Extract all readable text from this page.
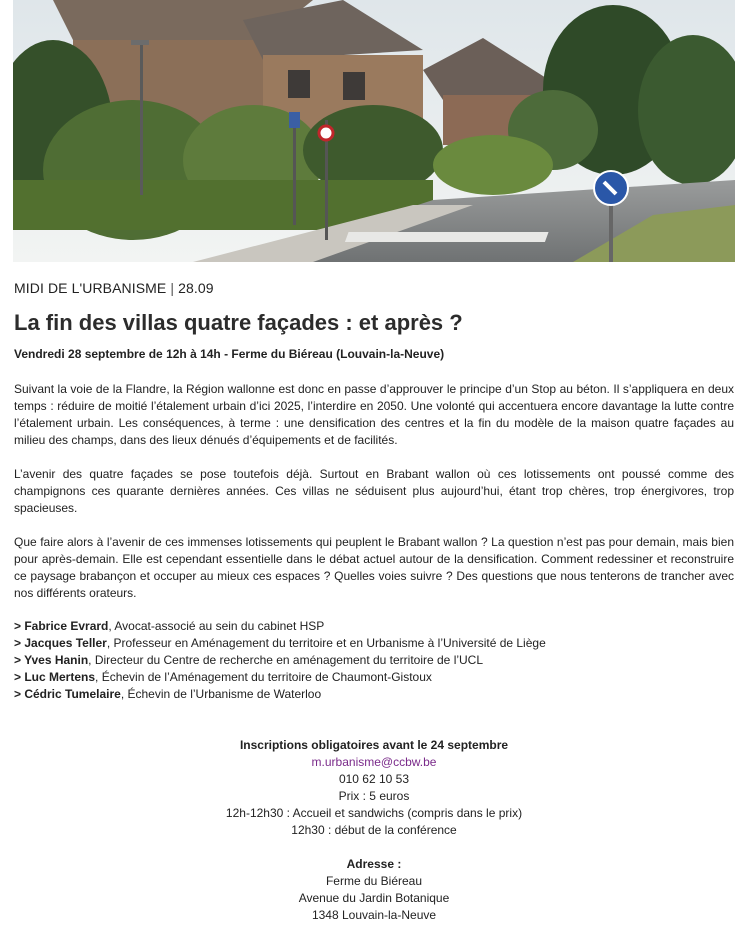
MIDI DE L'URBANISME | 28.09
La fin des villas quatre façades : et après ?
Vendredi 28 septembre de 12h à 14h - Ferme du Biéreau (Louvain-la-Neuve)

Suivant la voie de la Flandre, la Région wallonne est donc en passe d’approuver le principe d’un Stop au béton. Il s’appliquera en deux temps : réduire de moitié l’étalement urbain d’ici 2025, l’interdire en 2050. Une volonté qui accentuera encore davantage la lutte contre l’étalement urbain. Les conséquences, à terme : une densification des centres et la fin du modèle de la maison quatre façades au milieu des champs, dans des lieux dénués d’équipements et de facilités.

L’avenir des quatre façades se pose toutefois déjà. Surtout en Brabant wallon où ces lotissements ont poussé comme des champignons ces quarante dernières années. Ces villas ne séduisent plus aujourd’hui, étant trop chères, trop énergivores, trop spacieuses.

Que faire alors à l’avenir de ces immenses lotissements qui peuplent le Brabant wallon ? La question n’est pas pour demain, mais bien pour après-demain. Elle est cependant essentielle dans le débat actuel autour de la densification. Comment redessiner et reconstruire ce paysage brabançon et occuper au mieux ces espaces ? Quelles voies suivre ? Des questions que nous tenterons de trancher avec nos différents orateurs.

> Fabrice Evrard, Avocat-associé au sein du cabinet HSP
> Jacques Teller, Professeur en Aménagement du territoire et en Urbanisme à l’Université de Liège
> Yves Hanin, Directeur du Centre de recherche en aménagement du territoire de l’UCL
> Luc Mertens, Échevin de l’Aménagement du territoire de Chaumont-Gistoux
> Cédric Tumelaire, Échevin de l’Urbanisme de Waterloo
Inscriptions obligatoires avant le 24 septembre
m.urbanisme@ccbw.be
010 62 10 53
Prix : 5 euros
12h-12h30 : Accueil et sandwichs (compris dans le prix)
12h30 : début de la conférence
Adresse :
Ferme du Biéreau
Avenue du Jardin Botanique
1348 Louvain-la-Neuve
